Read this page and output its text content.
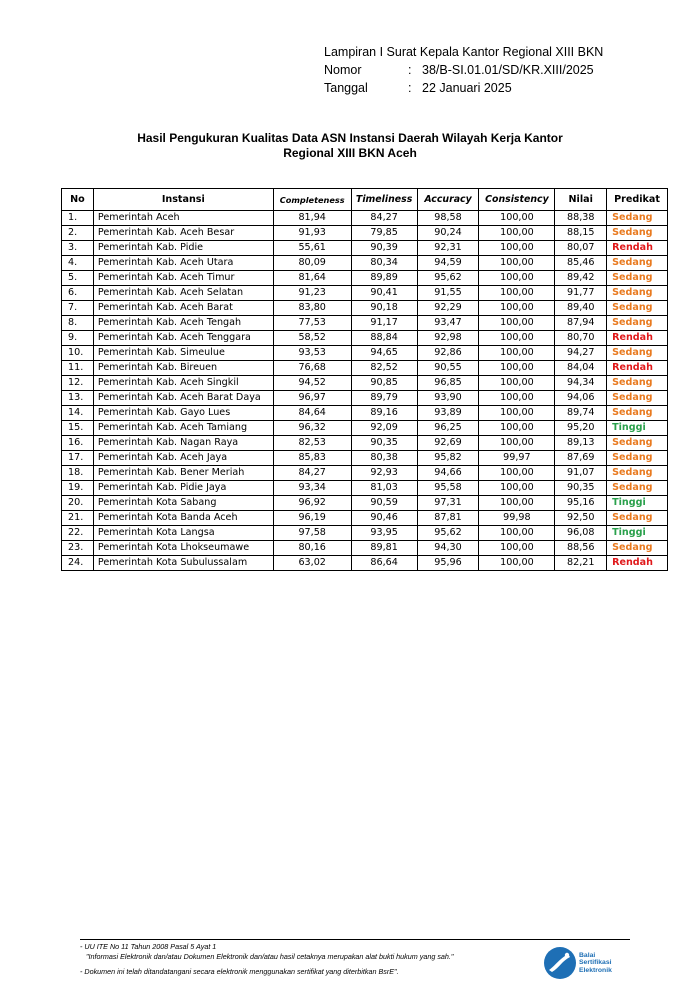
Lampiran I Surat Kepala Kantor Regional XIII BKN
Nomor	: 38/B-SI.01.01/SD/KR.XIII/2025
Tanggal	: 22 Januari 2025
Hasil Pengukuran Kualitas Data ASN Instansi Daerah Wilayah Kerja Kantor
Regional XIII BKN Aceh
No	Instansi	Completeness	Timeliness	Accuracy	Consistency	Nilai	Predikat
1.	Pemerintah Aceh	81,94	84,27	98,58	100,00	88,38	Sedang
2.	Pemerintah Kab. Aceh Besar	91,93	79,85	90,24	100,00	88,15	Sedang
3.	Pemerintah Kab. Pidie	55,61	90,39	92,31	100,00	80,07	Rendah
4.	Pemerintah Kab. Aceh Utara	80,09	80,34	94,59	100,00	85,46	Sedang
5.	Pemerintah Kab. Aceh Timur	81,64	89,89	95,62	100,00	89,42	Sedang
6.	Pemerintah Kab. Aceh Selatan	91,23	90,41	91,55	100,00	91,77	Sedang
7.	Pemerintah Kab. Aceh Barat	83,80	90,18	92,29	100,00	89,40	Sedang
8.	Pemerintah Kab. Aceh Tengah	77,53	91,17	93,47	100,00	87,94	Sedang
9.	Pemerintah Kab. Aceh Tenggara	58,52	88,84	92,98	100,00	80,70	Rendah
10.	Pemerintah Kab. Simeulue	93,53	94,65	92,86	100,00	94,27	Sedang
11.	Pemerintah Kab. Bireuen	76,68	82,52	90,55	100,00	84,04	Rendah
12.	Pemerintah Kab. Aceh Singkil	94,52	90,85	96,85	100,00	94,34	Sedang
13.	Pemerintah Kab. Aceh Barat Daya	96,97	89,79	93,90	100,00	94,06	Sedang
14.	Pemerintah Kab. Gayo Lues	84,64	89,16	93,89	100,00	89,74	Sedang
15.	Pemerintah Kab. Aceh Tamiang	96,32	92,09	96,25	100,00	95,20	Tinggi
16.	Pemerintah Kab. Nagan Raya	82,53	90,35	92,69	100,00	89,13	Sedang
17.	Pemerintah Kab. Aceh Jaya	85,83	80,38	95,82	99,97	87,69	Sedang
18.	Pemerintah Kab. Bener Meriah	84,27	92,93	94,66	100,00	91,07	Sedang
19.	Pemerintah Kab. Pidie Jaya	93,34	81,03	95,58	100,00	90,35	Sedang
20.	Pemerintah Kota Sabang	96,92	90,59	97,31	100,00	95,16	Tinggi
21.	Pemerintah Kota Banda Aceh	96,19	90,46	87,81	99,98	92,50	Sedang
22.	Pemerintah Kota Langsa	97,58	93,95	95,62	100,00	96,08	Tinggi
23.	Pemerintah Kota Lhokseumawe	80,16	89,81	94,30	100,00	88,56	Sedang
24.	Pemerintah Kota Subulussalam	63,02	86,64	95,96	100,00	82,21	Rendah
- UU ITE No 11 Tahun 2008 Pasal 5 Ayat 1
"Informasi Elektronik dan/atau Dokumen Elektronik dan/atau hasil cetaknya merupakan alat bukti hukum yang sah."
- Dokumen ini telah ditandatangani secara elektronik menggunakan sertifikat yang diterbitkan BsrE".
Balai
Sertifikasi
Elektronik
